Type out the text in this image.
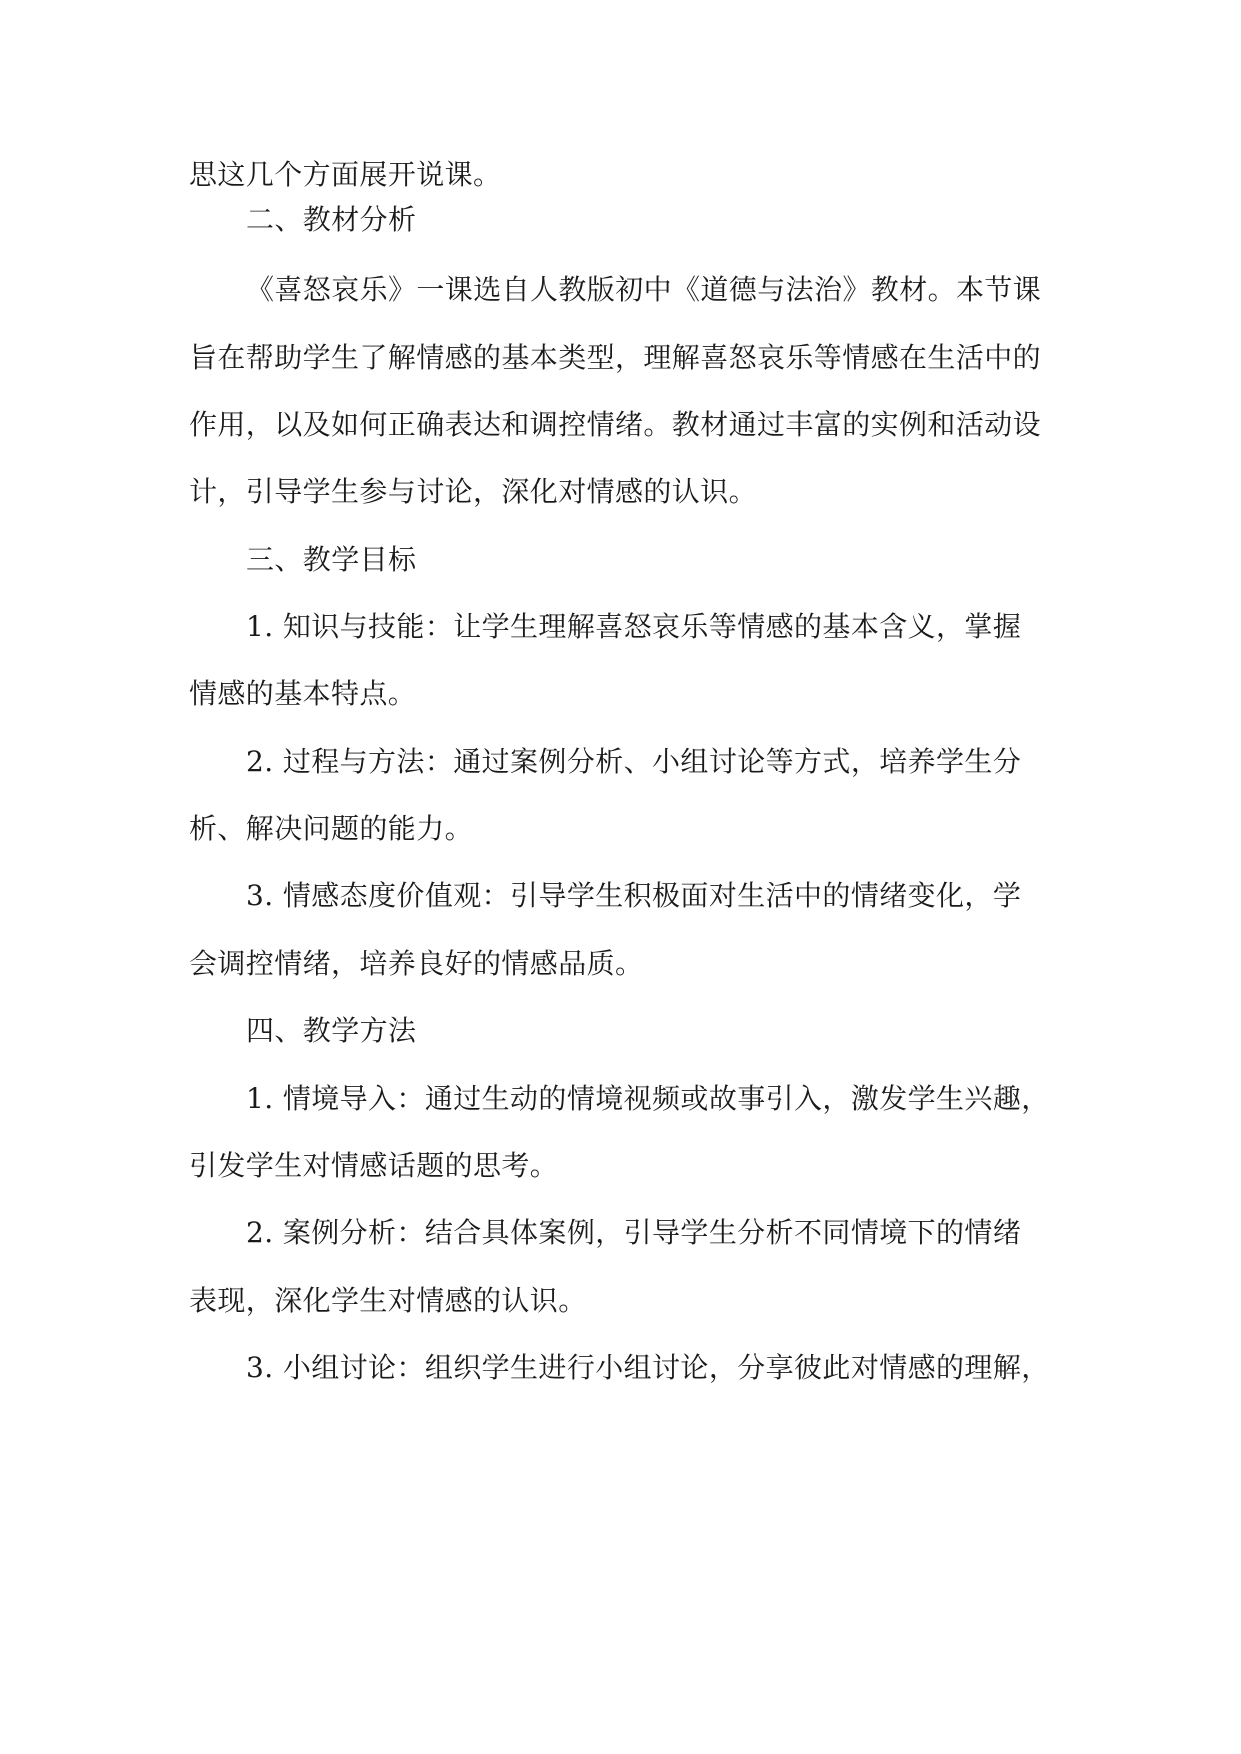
思这几个方面展开说课。
二、教材分析
《喜怒哀乐》一课选自人教版初中《道德与法治》教材。本节课
旨在帮助学生了解情感的基本类型，理解喜怒哀乐等情感在生活中的
作用，以及如何正确表达和调控情绪。教材通过丰富的实例和活动设
计，引导学生参与讨论，深化对情感的认识。
三、教学目标
1. 知识与技能：让学生理解喜怒哀乐等情感的基本含义，掌握
情感的基本特点。
2. 过程与方法：通过案例分析、小组讨论等方式，培养学生分
析、解决问题的能力。
3. 情感态度价值观：引导学生积极面对生活中的情绪变化，学
会调控情绪，培养良好的情感品质。
四、教学方法
1. 情境导入：通过生动的情境视频或故事引入，激发学生兴趣，
引发学生对情感话题的思考。
2. 案例分析：结合具体案例，引导学生分析不同情境下的情绪
表现，深化学生对情感的认识。
3. 小组讨论：组织学生进行小组讨论，分享彼此对情感的理解，
